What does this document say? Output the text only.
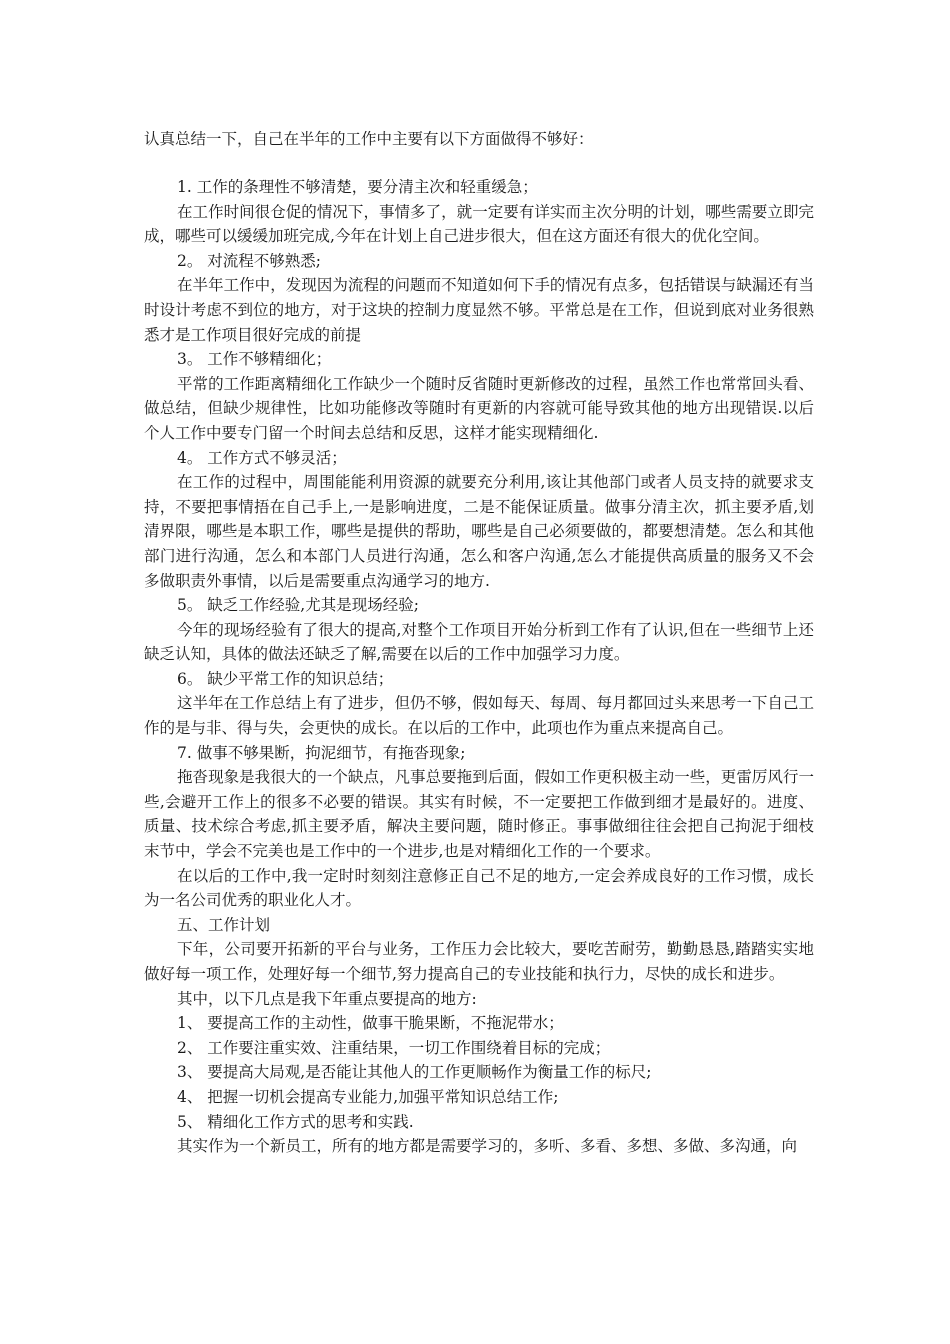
认真总结一下，自己在半年的工作中主要有以下方面做得不够好：

1. 工作的条理性不够清楚，要分清主次和轻重缓急；

在工作时间很仓促的情况下，事情多了，就一定要有详实而主次分明的计划，哪些需要立即完成，哪些可以缓缓加班完成,今年在计划上自己进步很大，但在这方面还有很大的优化空间。

2。 对流程不够熟悉;

在半年工作中，发现因为流程的问题而不知道如何下手的情况有点多，包括错误与缺漏还有当时设计考虑不到位的地方，对于这块的控制力度显然不够。平常总是在工作，但说到底对业务很熟悉才是工作项目很好完成的前提

3。 工作不够精细化；

平常的工作距离精细化工作缺少一个随时反省随时更新修改的过程，虽然工作也常常回头看、做总结，但缺少规律性，比如功能修改等随时有更新的内容就可能导致其他的地方出现错误.以后个人工作中要专门留一个时间去总结和反思，这样才能实现精细化.

4。 工作方式不够灵活；

在工作的过程中，周围能能利用资源的就要充分利用,该让其他部门或者人员支持的就要求支持，不要把事情捂在自己手上,一是影响进度，二是不能保证质量。做事分清主次，抓主要矛盾,划清界限，哪些是本职工作，哪些是提供的帮助，哪些是自己必须要做的，都要想清楚。怎么和其他部门进行沟通，怎么和本部门人员进行沟通，怎么和客户沟通,怎么才能提供高质量的服务又不会多做职责外事情，以后是需要重点沟通学习的地方.

5。 缺乏工作经验,尤其是现场经验;

今年的现场经验有了很大的提高,对整个工作项目开始分析到工作有了认识,但在一些细节上还缺乏认知，具体的做法还缺乏了解,需要在以后的工作中加强学习力度。

6。 缺少平常工作的知识总结；

这半年在工作总结上有了进步，但仍不够，假如每天、每周、每月都回过头来思考一下自己工作的是与非、得与失，会更快的成长。在以后的工作中，此项也作为重点来提高自己。

7. 做事不够果断，拘泥细节，有拖沓现象;

拖沓现象是我很大的一个缺点，凡事总要拖到后面，假如工作更积极主动一些，更雷厉风行一些,会避开工作上的很多不必要的错误。其实有时候，不一定要把工作做到细才是最好的。进度、质量、技术综合考虑,抓主要矛盾，解决主要问题，随时修正。事事做细往往会把自己拘泥于细枝末节中，学会不完美也是工作中的一个进步,也是对精细化工作的一个要求。

在以后的工作中,我一定时时刻刻注意修正自己不足的地方,一定会养成良好的工作习惯，成长为一名公司优秀的职业化人才。

五、工作计划

下年，公司要开拓新的平台与业务，工作压力会比较大，要吃苦耐劳，勤勤恳恳,踏踏实实地做好每一项工作，处理好每一个细节,努力提高自己的专业技能和执行力，尽快的成长和进步。

其中，以下几点是我下年重点要提高的地方:

1、 要提高工作的主动性，做事干脆果断，不拖泥带水；

2、 工作要注重实效、注重结果，一切工作围绕着目标的完成；

3、 要提高大局观,是否能让其他人的工作更顺畅作为衡量工作的标尺;

4、 把握一切机会提高专业能力,加强平常知识总结工作;

5、 精细化工作方式的思考和实践.

其实作为一个新员工，所有的地方都是需要学习的，多听、多看、多想、多做、多沟通，向
